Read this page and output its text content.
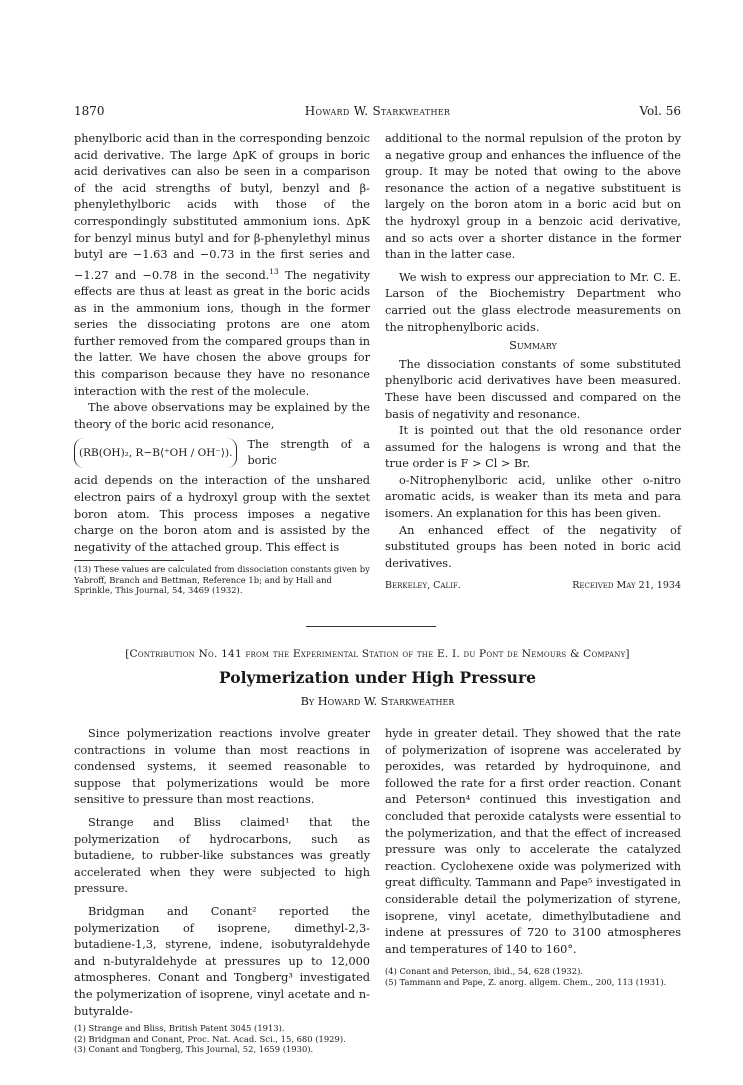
1870	Howard W. Starkweather	Vol. 56

phenylboric acid than in the corresponding benzoic acid derivative. The large ΔpK of groups in boric acid derivatives can also be seen in a comparison of the acid strengths of butyl, benzyl and β-phenylethylboric acids with those of the correspondingly substituted ammonium ions. ΔpK for benzyl minus butyl and for β-phenylethyl minus butyl are −1.63 and −0.73 in the first series and −1.27 and −0.78 in the second.$^{13}$ The negativity effects are thus at least as great in the boric acids as in the ammonium ions, though in the former series the dissociating protons are one atom further removed from the compared groups than in the latter. We have chosen the above groups for this comparison because they have no resonance interaction with the rest of the molecule.

The above observations may be explained by the theory of the boric acid resonance,

(RB(OH)₂, R−B⟨⁺OH / OH⁻⟩).
The strength of a boric

acid depends on the interaction of the unshared electron pairs of a hydroxyl group with the sextet boron atom. This process imposes a negative charge on the boron atom and is assisted by the negativity of the attached group. This effect is

(13) These values are calculated from dissociation constants given by Yabroff, Branch and Bettman, Reference 1b; and by Hall and Sprinkle, This Journal, 54, 3469 (1932).

additional to the normal repulsion of the proton by a negative group and enhances the influence of the group. It may be noted that owing to the above resonance the action of a negative substituent is largely on the boron atom in a boric acid but on the hydroxyl group in a benzoic acid derivative, and so acts over a shorter distance in the former than in the latter case.

We wish to express our appreciation to Mr. C. E. Larson of the Biochemistry Department who carried out the glass electrode measurements on the nitrophenylboric acids.

Summary

The dissociation constants of some substituted phenylboric acid derivatives have been measured. These have been discussed and compared on the basis of negativity and resonance.

It is pointed out that the old resonance order assumed for the halogens is wrong and that the true order is F > Cl > Br.

o-Nitrophenylboric acid, unlike other o-nitro aromatic acids, is weaker than its meta and para isomers. An explanation for this has been given.

An enhanced effect of the negativity of substituted groups has been noted in boric acid derivatives.

Berkeley, Calif.	Received May 21, 1934
[Contribution No. 141 from the Experimental Station of the E. I. du Pont de Nemours & Company]
Polymerization under High Pressure
By Howard W. Starkweather

Since polymerization reactions involve greater contractions in volume than most reactions in condensed systems, it seemed reasonable to suppose that polymerizations would be more sensitive to pressure than most reactions.

Strange and Bliss claimed¹ that the polymerization of hydrocarbons, such as butadiene, to rubber-like substances was greatly accelerated when they were subjected to high pressure.

Bridgman and Conant² reported the polymerization of isoprene, dimethyl-2,3-butadiene-1,3, styrene, indene, isobutyraldehyde and n-butyraldehyde at pressures up to 12,000 atmospheres. Conant and Tongberg³ investigated the polymerization of isoprene, vinyl acetate and n-butyralde-

(1) Strange and Bliss, British Patent 3045 (1913).

(2) Bridgman and Conant, Proc. Nat. Acad. Sci., 15, 680 (1929).

(3) Conant and Tongberg, This Journal, 52, 1659 (1930).

hyde in greater detail. They showed that the rate of polymerization of isoprene was accelerated by peroxides, was retarded by hydroquinone, and followed the rate for a first order reaction. Conant and Peterson⁴ continued this investigation and concluded that peroxide catalysts were essential to the polymerization, and that the effect of increased pressure was only to accelerate the catalyzed reaction. Cyclohexene oxide was polymerized with great difficulty. Tammann and Pape⁵ investigated in considerable detail the polymerization of styrene, isoprene, vinyl acetate, dimethylbutadiene and indene at pressures of 720 to 3100 atmospheres and temperatures of 140 to 160°.

(4) Conant and Peterson, ibid., 54, 628 (1932).

(5) Tammann and Pape, Z. anorg. allgem. Chem., 200, 113 (1931).
